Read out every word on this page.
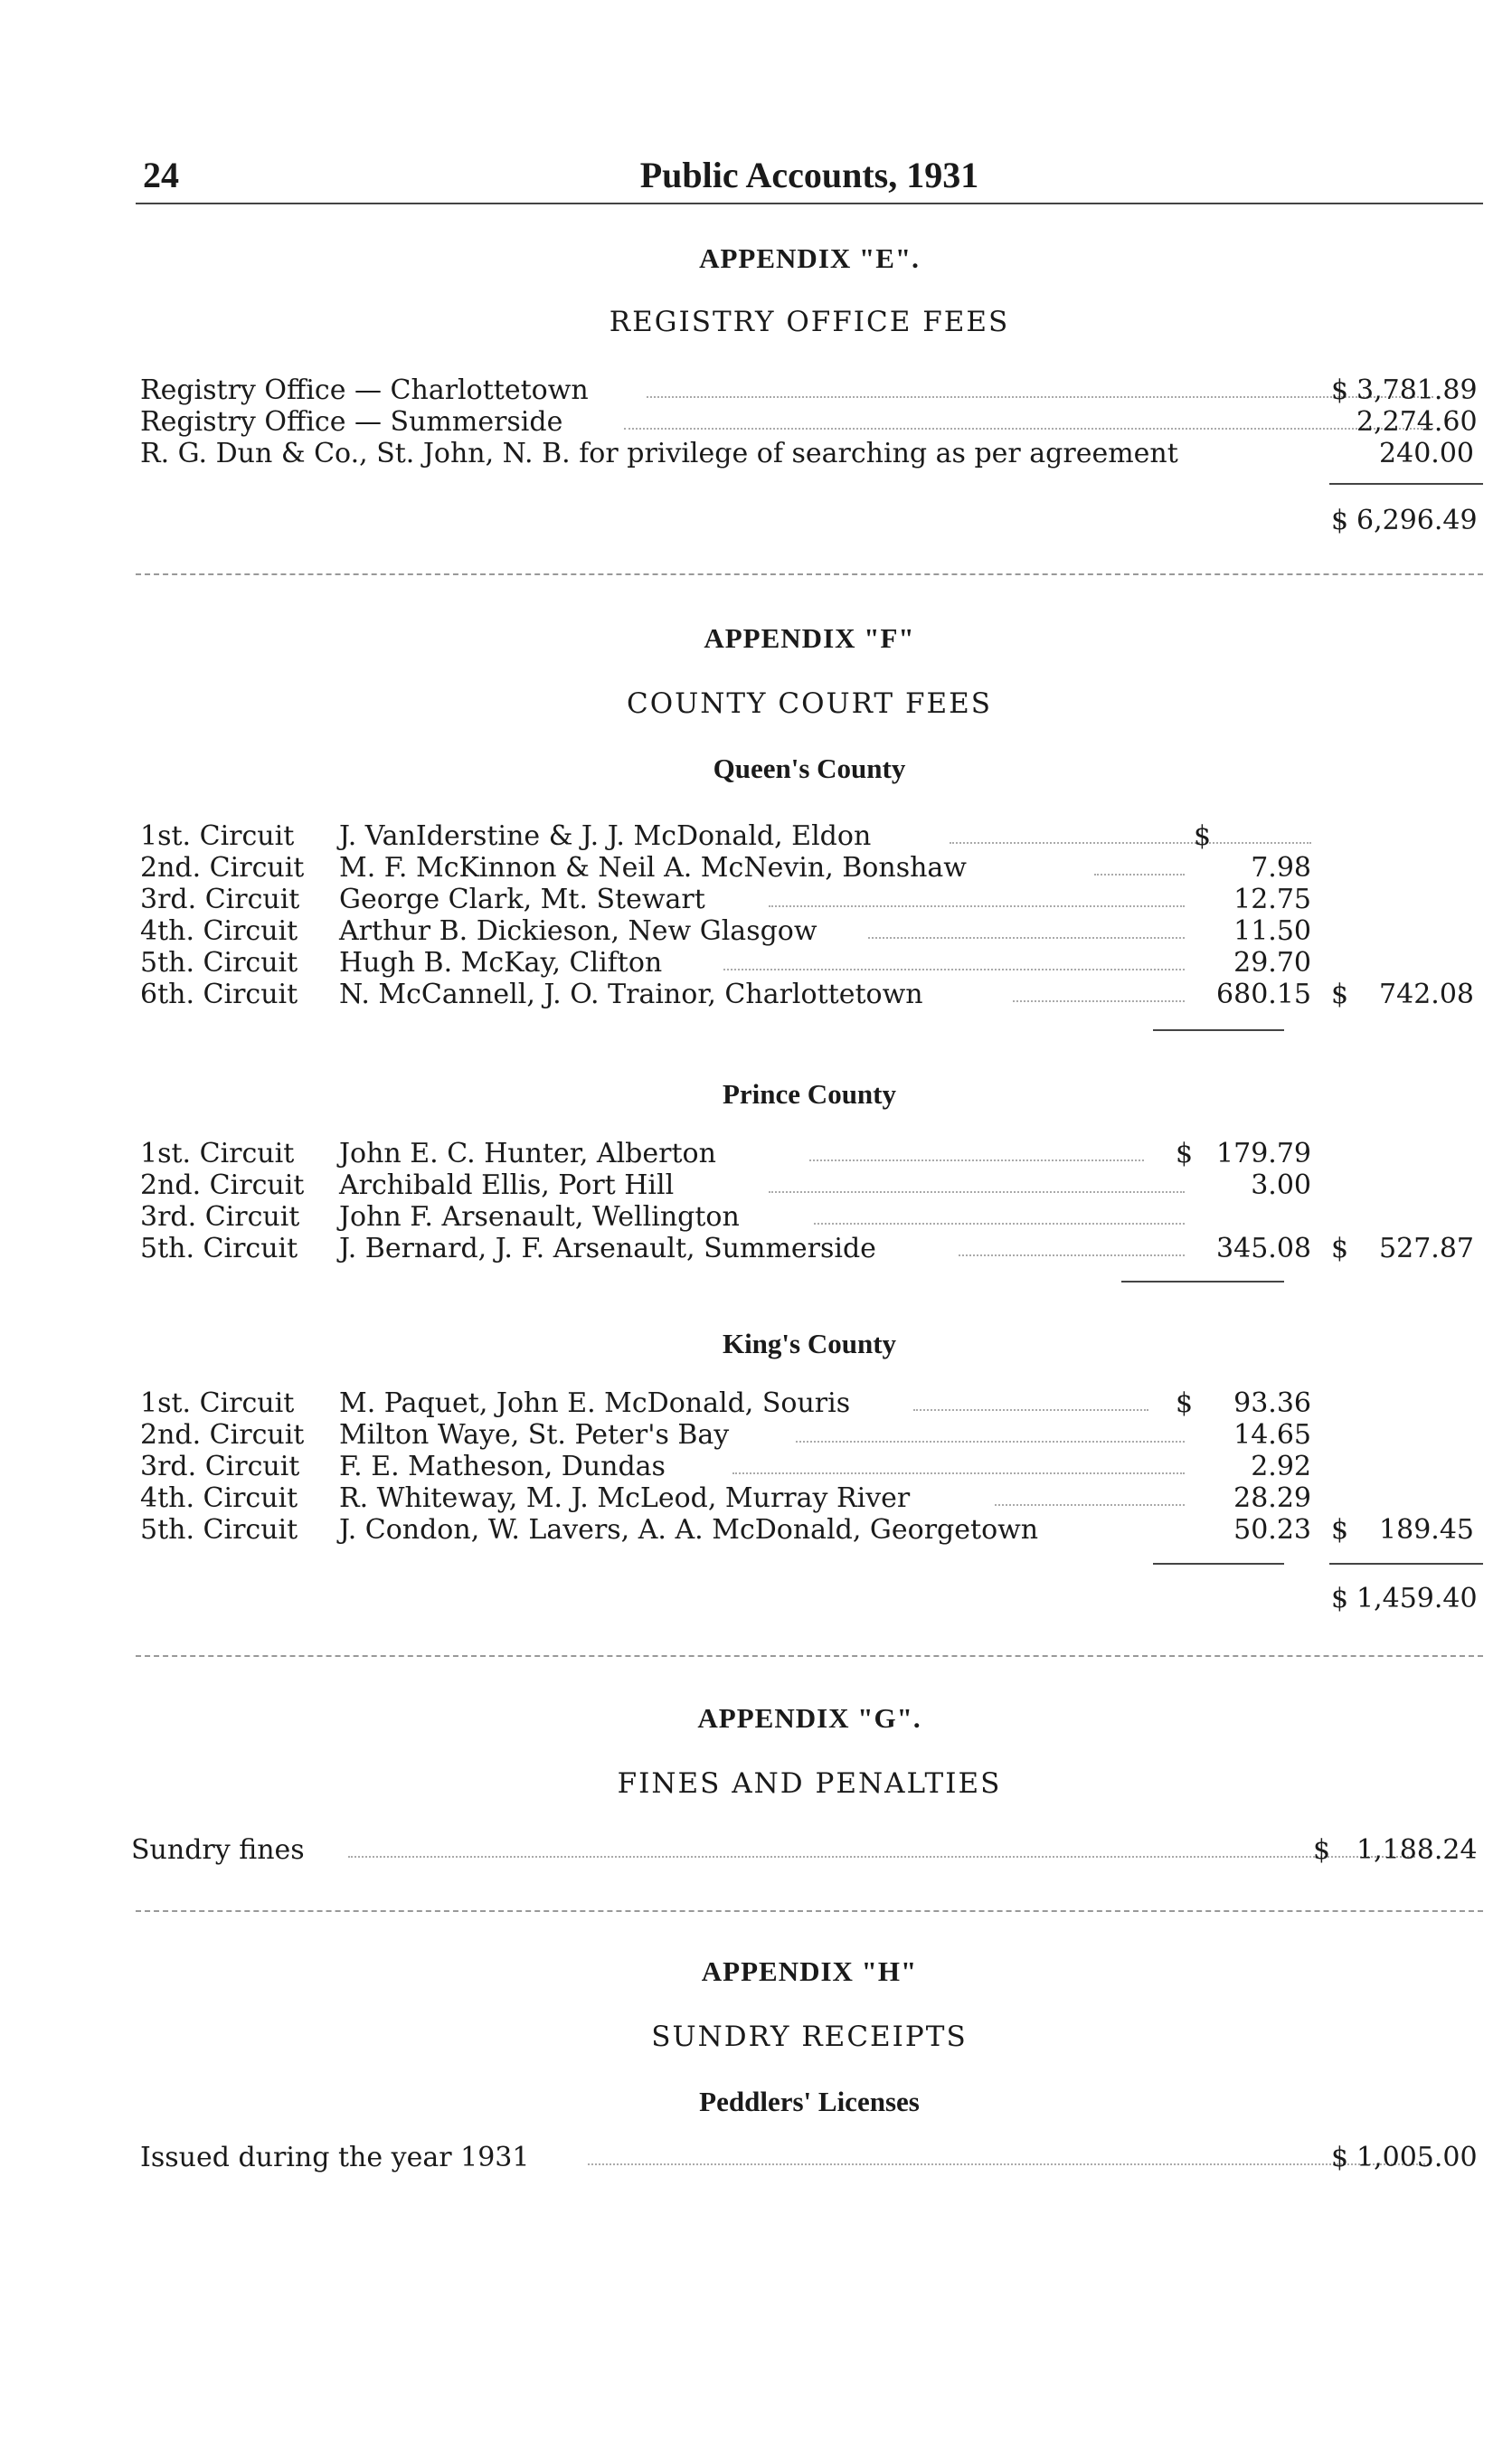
24	Public Accounts, 1931
APPENDIX "E".
REGISTRY OFFICE FEES
Registry Office — Charlottetown	$ 3,781.89
Registry Office — Summerside	2,274.60
R. G. Dun & Co., St. John, N. B. for privilege of searching as per agreement	240.00
$ 6,296.49
APPENDIX "F"
COUNTY COURT FEES
Queen's County
1st. Circuit J. VanIderstine & J. J. McDonald, Eldon	$
2nd. Circuit M. F. McKinnon & Neil A. McNevin, Bonshaw	7.98
3rd. Circuit George Clark, Mt. Stewart	12.75
4th. Circuit Arthur B. Dickieson, New Glasgow	11.50
5th. Circuit Hugh B. McKay, Clifton	29.70
6th. Circuit N. McCannell, J. O. Trainor, Charlottetown	680.15 $	742.08
Prince County
1st. Circuit John E. C. Hunter, Alberton	$ 179.79
2nd. Circuit Archibald Ellis, Port Hill	3.00
3rd. Circuit John F. Arsenault, Wellington
5th. Circuit J. Bernard, J. F. Arsenault, Summerside	345.08 $	527.87
King's County
1st. Circuit M. Paquet, John E. McDonald, Souris	$	93.36
2nd. Circuit Milton Waye, St. Peter's Bay	14.65
3rd. Circuit F. E. Matheson, Dundas	2.92
4th. Circuit R. Whiteway, M. J. McLeod, Murray River	28.29
5th. Circuit J. Condon, W. Lavers, A. A. McDonald, Georgetown	50.23 $	189.45
$ 1,459.40
APPENDIX "G".
FINES AND PENALTIES
Sundry fines	$ 1,188.24
APPENDIX "H"
SUNDRY RECEIPTS
Peddlers' Licenses
Issued during the year 1931	$ 1,005.00
